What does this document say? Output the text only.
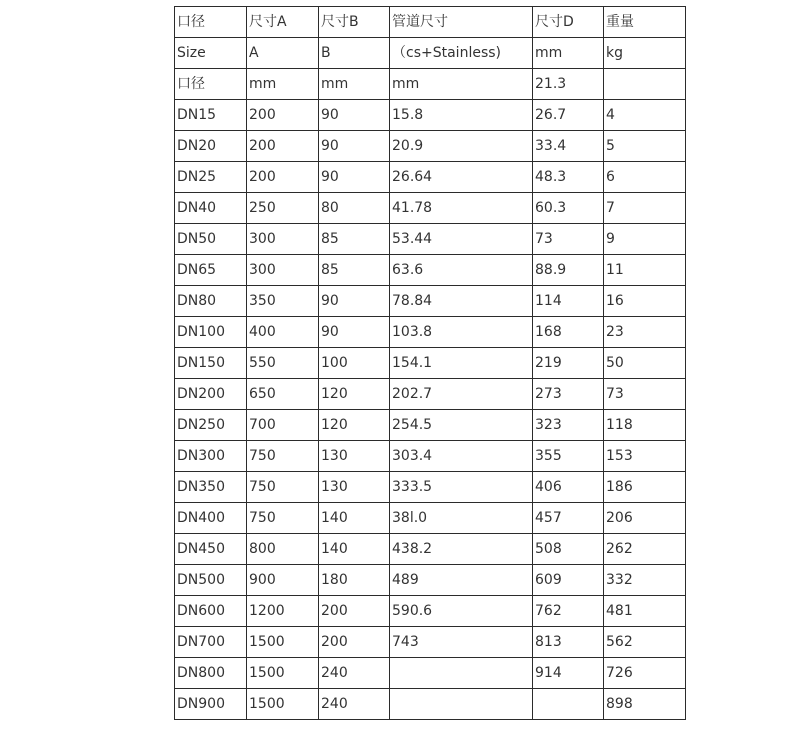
口径	尺寸A	尺寸B	管道尺寸	尺寸D	重量
Size	A	B	（cs+Stainless)	mm	kg
口径	mm	mm	mm	21.3	
DN15	200	90	15.8	26.7	4
DN20	200	90	20.9	33.4	5
DN25	200	90	26.64	48.3	6
DN40	250	80	41.78	60.3	7
DN50	300	85	53.44	73	9
DN65	300	85	63.6	88.9	11
DN80	350	90	78.84	114	16
DN100	400	90	103.8	168	23
DN150	550	100	154.1	219	50
DN200	650	120	202.7	273	73
DN250	700	120	254.5	323	118
DN300	750	130	303.4	355	153
DN350	750	130	333.5	406	186
DN400	750	140	38l.0	457	206
DN450	800	140	438.2	508	262
DN500	900	180	489	609	332
DN600	1200	200	590.6	762	481
DN700	1500	200	743	813	562
DN800	1500	240		914	726
DN900	1500	240			898
